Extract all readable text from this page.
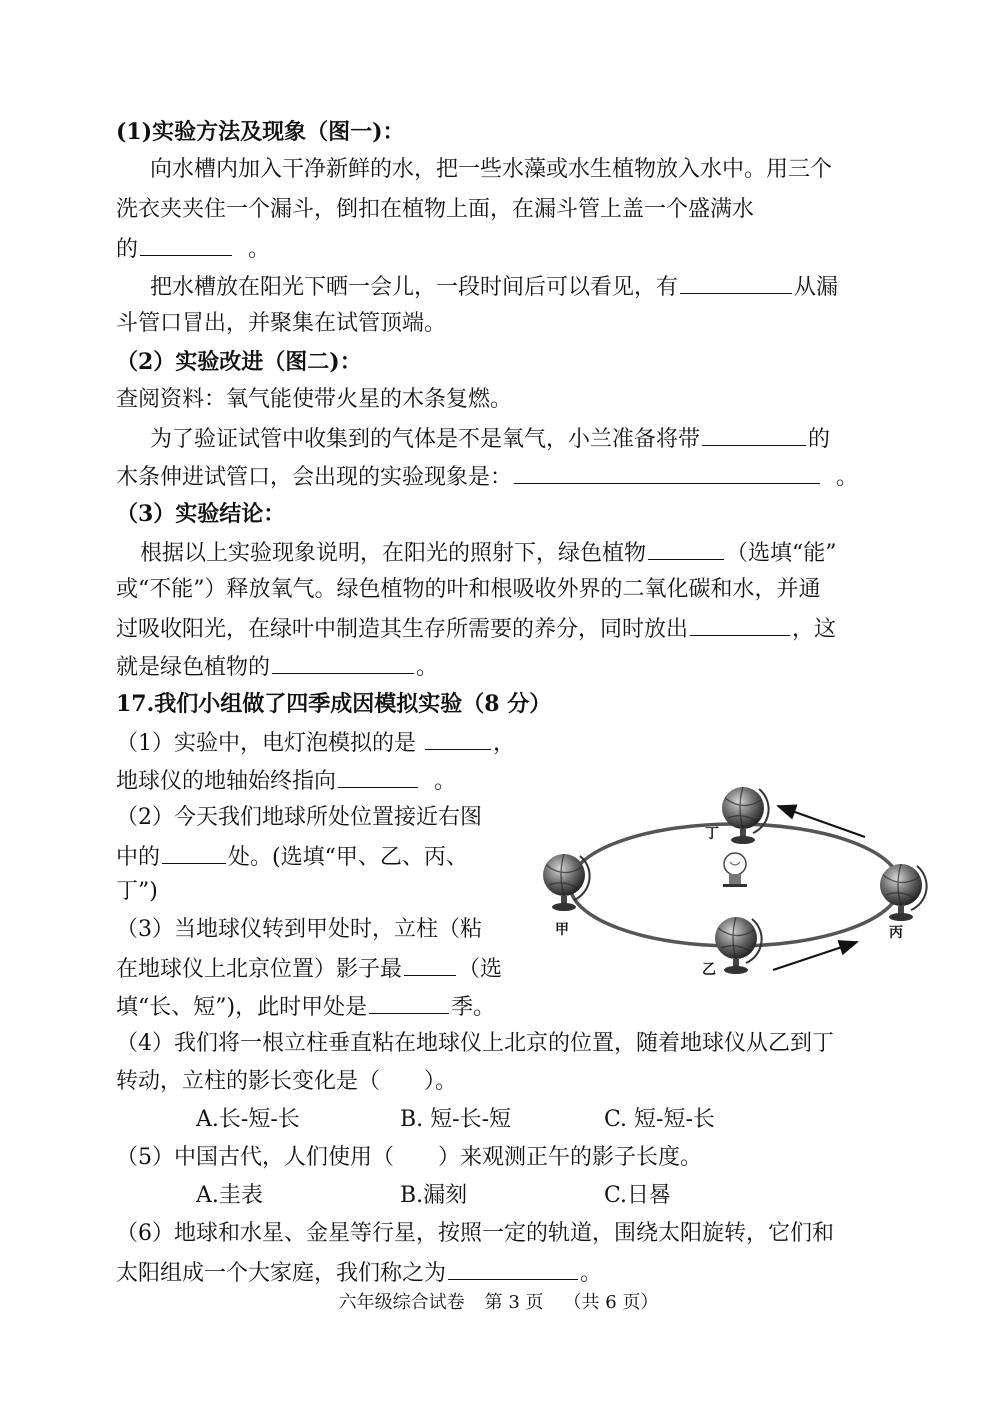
(1)实验方法及现象（图一)：
向水槽内加入干净新鲜的水，把一些水藻或水生植物放入水中。用三个
洗衣夹夹住一个漏斗，倒扣在植物上面，在漏斗管上盖一个盛满水
的	。
把水槽放在阳光下晒一会儿，一段时间后可以看见，有	从漏
斗管口冒出，并聚集在试管顶端。
（2）实验改进（图二)：
查阅资料：氧气能使带火星的木条复燃。
为了验证试管中收集到的气体是不是氧气，小兰准备将带	的
木条伸进试管口，会出现的实验现象是：	。
（3）实验结论：
根据以上实验现象说明，在阳光的照射下，绿色植物	（选填“能”
或“不能”）释放氧气。绿色植物的叶和根吸收外界的二氧化碳和水，并通
过吸收阳光，在绿叶中制造其生存所需要的养分，同时放出	，这
就是绿色植物的	。
17.我们小组做了四季成因模拟实验（8 分）
（1）实验中，电灯泡模拟的是	，
地球仪的地轴始终指向	。
（2）今天我们地球所处位置接近右图
中的	处。(选填“甲、乙、丙、
丁”)
（3）当地球仪转到甲处时，立柱（粘
在地球仪上北京位置）影子最	（选
填“长、短”)，此时甲处是	季。
（4）我们将一根立柱垂直粘在地球仪上北京的位置，随着地球仪从乙到丁
转动，立柱的影长变化是（　　）。
A.长-短-长	B. 短-长-短	C. 短-短-长
（5）中国古代，人们使用（　　）来观测正午的影子长度。
A.圭表	B.漏刻	C.日晷
（6）地球和水星、金星等行星，按照一定的轨道，围绕太阳旋转，它们和
太阳组成一个大家庭，我们称之为	。
丁
甲	丙
乙
六年级综合试卷 第 3 页 （共 6 页）
